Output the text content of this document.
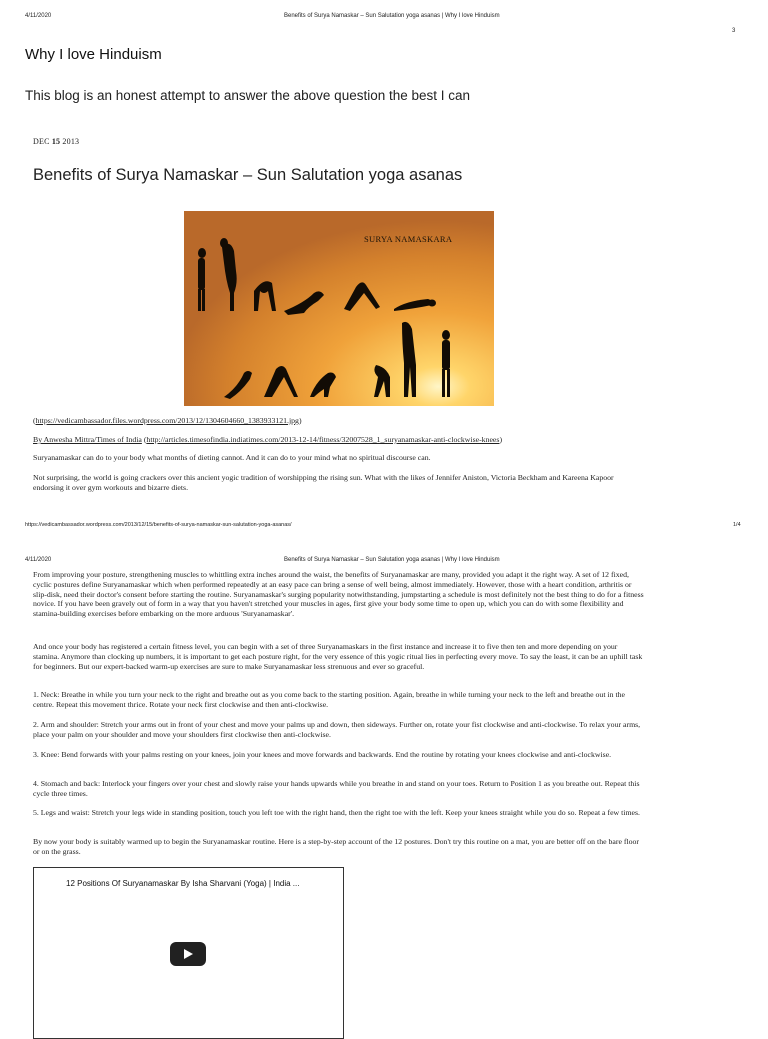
4/11/2020	Benefits of Surya Namaskar – Sun Salutation yoga asanas | Why I love Hinduism
3
Why I love Hinduism
This blog is an honest attempt to answer the above question the best I can
DEC 15 2013
Benefits of Surya Namaskar – Sun Salutation yoga asanas
SURYA NAMASKARA

(https://vedicambassador.files.wordpress.com/2013/12/1304604660_1383933121.jpg)

By Anwesha Mittra/Times of India (http://articles.timesofindia.indiatimes.com/2013-12-14/fitness/32007528_1_suryanamaskar-anti-clockwise-knees)

Suryanamaskar can do to your body what months of dieting cannot. And it can do to your mind what no spiritual discourse can.

Not surprising, the world is going crackers over this ancient yogic tradition of worshipping the rising sun. What with the likes of Jennifer Aniston, Victoria Beckham and Kareena Kapoor endorsing it over gym workouts and bizarre diets.

https://vedicambassador.wordpress.com/2013/12/15/benefits-of-surya-namaskar-sun-salutation-yoga-asanas/	1/4
4/11/2020	Benefits of Surya Namaskar – Sun Salutation yoga asanas | Why I love Hinduism

From improving your posture, strengthening muscles to whittling extra inches around the waist, the benefits of Suryanamaskar are many, provided you adapt it the right way. A set of 12 fixed, cyclic postures define Suryanamaskar which when performed repeatedly at an easy pace can bring a sense of well being, almost immediately. However, those with a heart condition, arthritis or slip-disk, need their doctor's consent before starting the routine. Suryanamaskar's surging popularity notwithstanding, jumpstarting a schedule is most definitely not the best thing to do for a fitness novice. If you have been gravely out of form in a way that you haven't stretched your muscles in ages, first give your body some time to open up, which you can do with some flexibility and stamina-building exercises before embarking on the more arduous 'Suryanamaskar'.

And once your body has registered a certain fitness level, you can begin with a set of three Suryanamaskars in the first instance and increase it to five then ten and more depending on your stamina. Anymore than clocking up numbers, it is important to get each posture right, for the very essence of this yogic ritual lies in perfecting every move. To say the least, it can be an uphill task for beginners. But our expert-backed warm-up exercises are sure to make Suryanamaskar less strenuous and ever so graceful.

1. Neck: Breathe in while you turn your neck to the right and breathe out as you come back to the starting position. Again, breathe in while turning your neck to the left and breathe out in the centre. Repeat this movement thrice. Rotate your neck first clockwise and then anti-clockwise.

2. Arm and shoulder: Stretch your arms out in front of your chest and move your palms up and down, then sideways. Further on, rotate your fist clockwise and anti-clockwise. To relax your arms, place your palm on your shoulder and move your shoulders first clockwise then anti-clockwise.

3. Knee: Bend forwards with your palms resting on your knees, join your knees and move forwards and backwards. End the routine by rotating your knees clockwise and anti-clockwise.

4. Stomach and back: Interlock your fingers over your chest and slowly raise your hands upwards while you breathe in and stand on your toes. Return to Position 1 as you breathe out. Repeat this cycle three times.

5. Legs and waist: Stretch your legs wide in standing position, touch you left toe with the right hand, then the right toe with the left. Keep your knees straight while you do so. Repeat a few times.

By now your body is suitably warmed up to begin the Suryanamaskar routine. Here is a step-by-step account of the 12 postures. Don't try this routine on a mat, you are better off on the bare floor or on the grass.

12 Positions Of Suryanamaskar By Isha Sharvani (Yoga) | India ...
